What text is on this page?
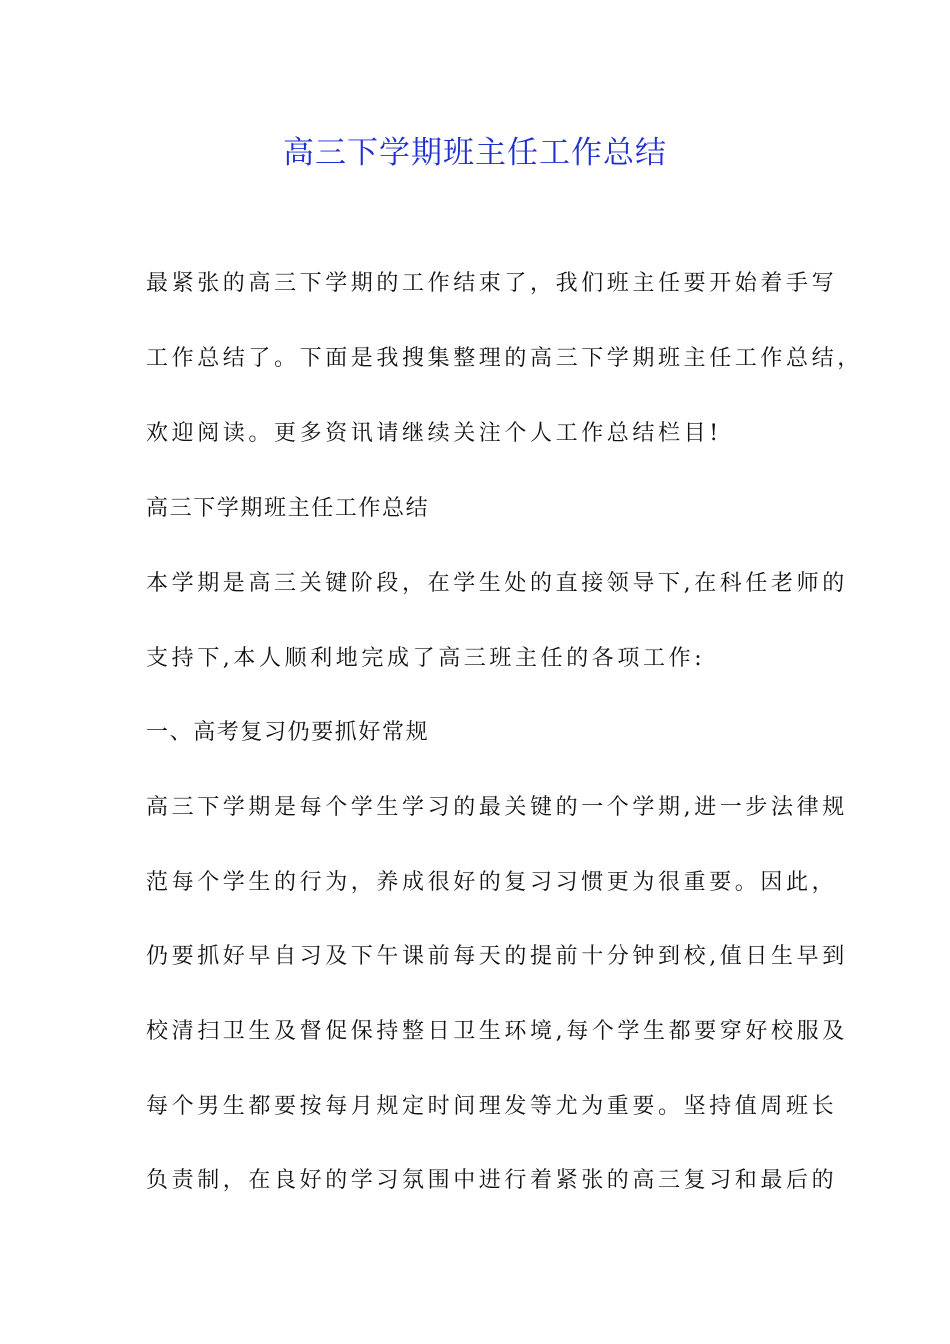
高三下学期班主任工作总结
最紧张的高三下学期的工作结束了，我们班主任要开始着手写
工作总结了。下面是我搜集整理的高三下学期班主任工作总结，
欢迎阅读。更多资讯请继续关注个人工作总结栏目!
高三下学期班主任工作总结
本学期是高三关键阶段，在学生处的直接领导下,在科任老师的
支持下,本人顺利地完成了高三班主任的各项工作:
一、高考复习仍要抓好常规
高三下学期是每个学生学习的最关键的一个学期,进一步法律规
范每个学生的行为，养成很好的复习习惯更为很重要。因此，
仍要抓好早自习及下午课前每天的提前十分钟到校,值日生早到
校清扫卫生及督促保持整日卫生环境,每个学生都要穿好校服及
每个男生都要按每月规定时间理发等尤为重要。坚持值周班长
负责制，在良好的学习氛围中进行着紧张的高三复习和最后的
